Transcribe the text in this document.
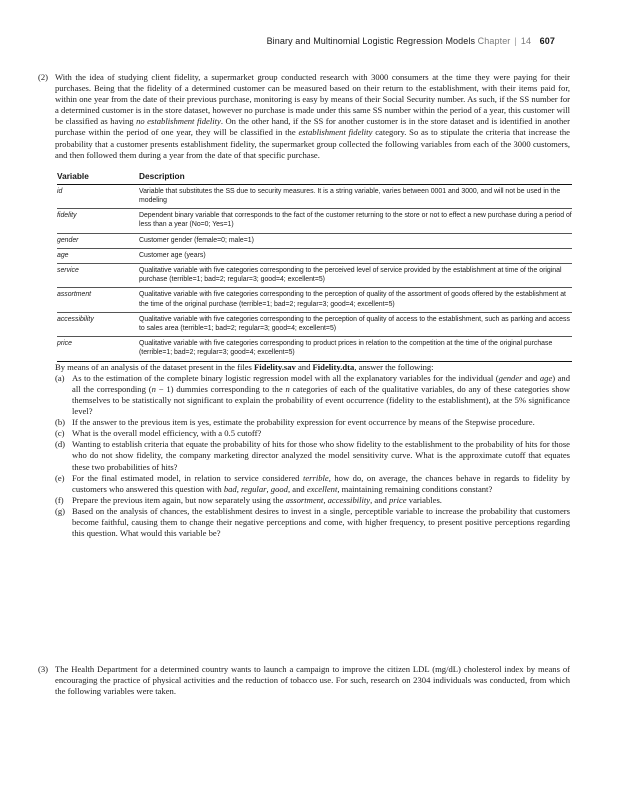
Binary and Multinomial Logistic Regression Models Chapter | 14 607
(2) With the idea of studying client fidelity, a supermarket group conducted research with 3000 consumers at the time they were paying for their purchases. Being that the fidelity of a determined customer can be measured based on their return to the establishment, with their items paid for, within one year from the date of their previous purchase, monitoring is easy by means of their Social Security number. As such, if the SS number for a determined customer is in the store dataset, however no purchase is made under this same SS number within the period of a year, this customer will be classified as having no establishment fidelity. On the other hand, if the SS for another customer is in the store dataset and is identified in another purchase within the period of one year, they will be classified in the establishment fidelity category. So as to stipulate the criteria that increase the probability that a customer presents establishment fidelity, the supermarket group collected the following variables from each of the 3000 customers, and then followed them during a year from the date of that specific purchase.

Variable	Description
id	Variable that substitutes the SS due to security measures. It is a string variable, varies between 0001 and 3000, and will not be used in the modeling
fidelity	Dependent binary variable that corresponds to the fact of the customer returning to the store or not to effect a new purchase during a period of less than a year (No=0; Yes=1)
gender	Customer gender (female=0; male=1)
age	Customer age (years)
service	Qualitative variable with five categories corresponding to the perceived level of service provided by the establishment at time of the original purchase (terrible=1; bad=2; regular=3; good=4; excellent=5)
assortment	Qualitative variable with five categories corresponding to the perception of quality of the assortment of goods offered by the establishment at the time of the original purchase (terrible=1; bad=2; regular=3; good=4; excellent=5)
accessibility	Qualitative variable with five categories corresponding to the perception of quality of access to the establishment, such as parking and access to sales area (terrible=1; bad=2; regular=3; good=4; excellent=5)
price	Qualitative variable with five categories corresponding to product prices in relation to the competition at the time of the original purchase (terrible=1; bad=2; regular=3; good=4; excellent=5)

By means of an analysis of the dataset present in the files Fidelity.sav and Fidelity.dta, answer the following:

(a) As to the estimation of the complete binary logistic regression model with all the explanatory variables for the individual (gender and age) and all the corresponding (n − 1) dummies corresponding to the n categories of each of the qualitative variables, do any of these categories show themselves to be statistically not significant to explain the probability of event occurrence (fidelity to the establishment), at the 5% significance level?
(b) If the answer to the previous item is yes, estimate the probability expression for event occurrence by means of the Stepwise procedure.
(c) What is the overall model efficiency, with a 0.5 cutoff?
(d) Wanting to establish criteria that equate the probability of hits for those who show fidelity to the establishment to the probability of hits for those who do not show fidelity, the company marketing director analyzed the model sensitivity curve. What is the approximate cutoff that equates these two probabilities of hits?
(e) For the final estimated model, in relation to service considered terrible, how do, on average, the chances behave in regards to fidelity by customers who answered this question with bad, regular, good, and excellent, maintaining remaining conditions constant?
(f) Prepare the previous item again, but now separately using the assortment, accessibility, and price variables.
(g) Based on the analysis of chances, the establishment desires to invest in a single, perceptible variable to increase the probability that customers become faithful, causing them to change their negative perceptions and come, with higher frequency, to present positive perceptions regarding this question. What would this variable be?
(3) The Health Department for a determined country wants to launch a campaign to improve the citizen LDL (mg/dL) cholesterol index by means of encouraging the practice of physical activities and the reduction of tobacco use. For such, research on 2304 individuals was conducted, from which the following variables were taken.
